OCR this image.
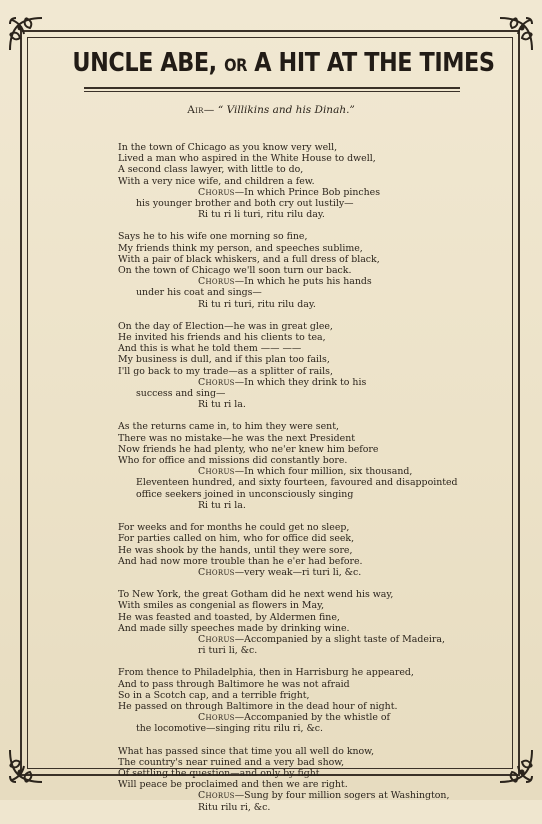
UNCLE ABE, OR A HIT AT THE TIMES
Air— “ Villikins and his Dinah.”
In the town of Chicago as you know very well,
Lived a man who aspired in the White House to dwell,
A second class lawyer, with little to do,
With a very nice wife, and children a few.
Chorus—In which Prince Bob pinches
his younger brother and both cry out lustily—
Ri tu ri li turi, ritu rilu day.
Says he to his wife one morning so fine,
My friends think my person, and speeches sublime,
With a pair of black whiskers, and a full dress of black,
On the town of Chicago we'll soon turn our back.
Chorus—In which he puts his hands
under his coat and sings—
Ri tu ri turi, ritu rilu day.
On the day of Election—he was in great glee,
He invited his friends and his clients to tea,
And this is what he told them —— ——
My business is dull, and if this plan too fails,
I'll go back to my trade—as a splitter of rails,
Chorus—In which they drink to his
success and sing—
Ri tu ri la.
As the returns came in, to him they were sent,
There was no mistake—he was the next President
Now friends he had plenty, who ne'er knew him before
Who for office and missions did constantly bore.
Chorus—In which four million, six thousand,
Eleventeen hundred, and sixty fourteen, favoured and disappointed
office seekers joined in unconsciously singing
Ri tu ri la.
For weeks and for months he could get no sleep,
For parties called on him, who for office did seek,
He was shook by the hands, until they were sore,
And had now more trouble than he e'er had before.
Chorus—very weak—ri turi li, &c.
To New York, the great Gotham did he next wend his way,
With smiles as congenial as flowers in May,
He was feasted and toasted, by Aldermen fine,
And made silly speeches made by drinking wine.
Chorus—Accompanied by a slight taste of Madeira,
ri turi li, &c.
From thence to Philadelphia, then in Harrisburg he appeared,
And to pass through Baltimore he was not afraid
So in a Scotch cap, and a terrible fright,
He passed on through Baltimore in the dead hour of night.
Chorus—Accompanied by the whistle of
the locomotive—singing ritu rilu ri, &c.
What has passed since that time you all well do know,
The country's near ruined and a very bad show,
Of settling the question—and only by fight
Will peace be proclaimed and then we are right.
Chorus—Sung by four million sogers at Washington,
Ritu rilu ri, &c.
